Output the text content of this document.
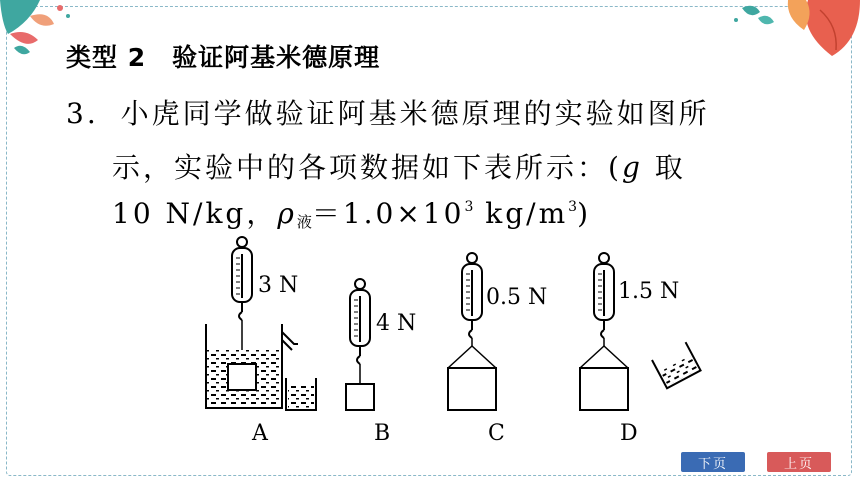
类型 2 验证阿基米德原理
3. 小虎同学做验证阿基米德原理的实验如图所
示，实验中的各项数据如下表所示：(g 取
10 N/kg，$\rho_液=1.0\times 10^3$ $kg/m^3$)
3 N
4 N
0.5 N	1.5 N
A	B	C	D
下页	上页
